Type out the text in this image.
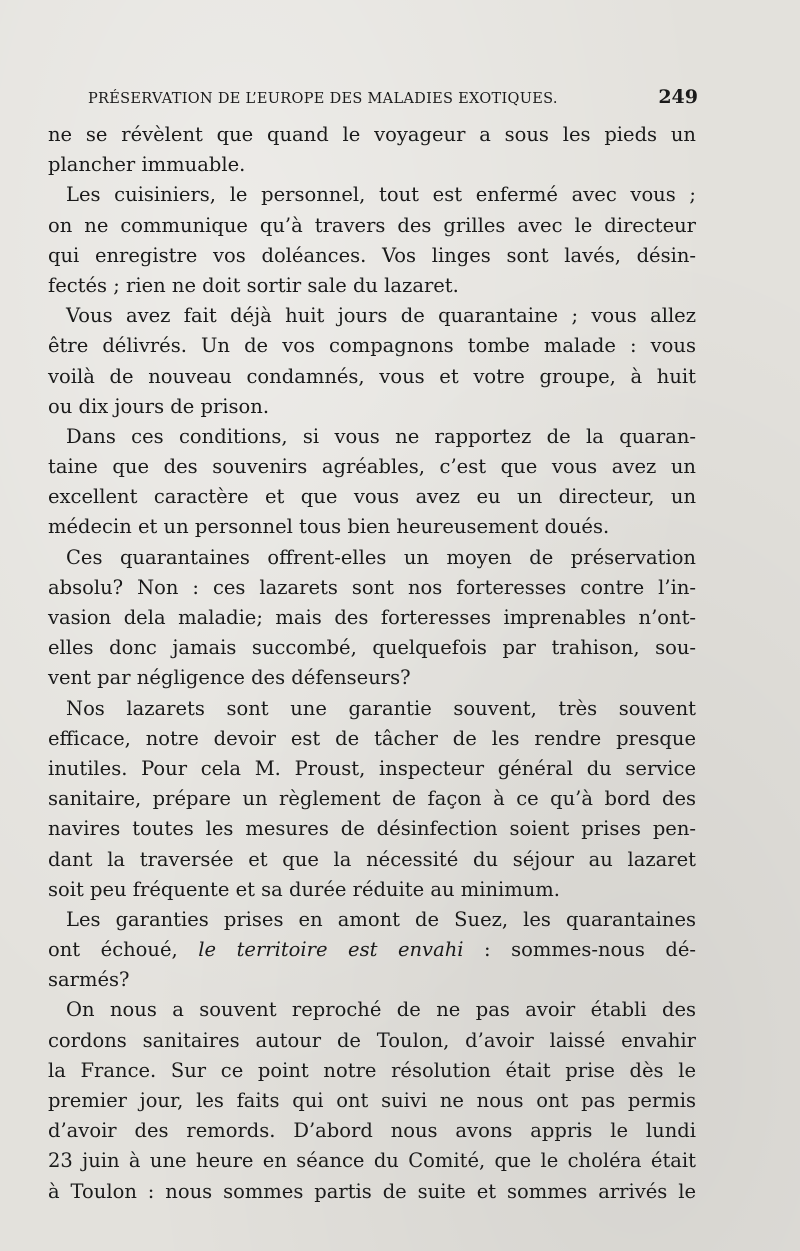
PRÉSERVATION DE L’EUROPE DES MALADIES EXOTIQUES.	249
ne se révèlent que quand le voyageur a sous les pieds un
plancher immuable.
Les cuisiniers, le personnel, tout est enfermé avec vous ;
on ne communique qu’à travers des grilles avec le directeur
qui enregistre vos doléances. Vos linges sont lavés, désin-
fectés ; rien ne doit sortir sale du lazaret.
Vous avez fait déjà huit jours de quarantaine ; vous allez
être délivrés. Un de vos compagnons tombe malade : vous
voilà de nouveau condamnés, vous et votre groupe, à huit
ou dix jours de prison.
Dans ces conditions, si vous ne rapportez de la quaran-
taine que des souvenirs agréables, c’est que vous avez un
excellent caractère et que vous avez eu un directeur, un
médecin et un personnel tous bien heureusement doués.
Ces quarantaines offrent-elles un moyen de préservation
absolu? Non : ces lazarets sont nos forteresses contre l’in-
vasion dela maladie; mais des forteresses imprenables n’ont-
elles donc jamais succombé, quelquefois par trahison, sou-
vent par négligence des défenseurs?
Nos lazarets sont une garantie souvent, très souvent
efficace, notre devoir est de tâcher de les rendre presque
inutiles. Pour cela M. Proust, inspecteur général du service
sanitaire, prépare un règlement de façon à ce qu’à bord des
navires toutes les mesures de désinfection soient prises pen-
dant la traversée et que la nécessité du séjour au lazaret
soit peu fréquente et sa durée réduite au minimum.
Les garanties prises en amont de Suez, les quarantaines
ont échoué, le territoire est envahi : sommes-nous dé-
sarmés?
On nous a souvent reproché de ne pas avoir établi des
cordons sanitaires autour de Toulon, d’avoir laissé envahir
la France. Sur ce point notre résolution était prise dès le
premier jour, les faits qui ont suivi ne nous ont pas permis
d’avoir des remords. D’abord nous avons appris le lundi
23 juin à une heure en séance du Comité, que le choléra était
à Toulon : nous sommes partis de suite et sommes arrivés le
